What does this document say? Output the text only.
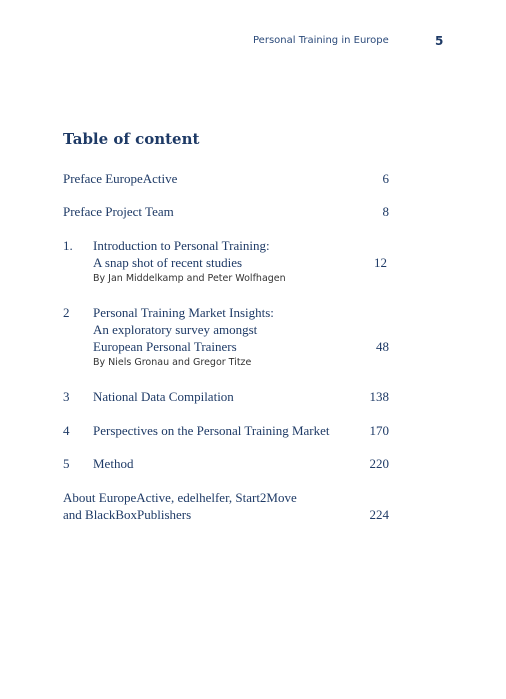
Personal Training in Europe	5
Table of content
Preface EuropeActive	6
Preface Project Team	8
1. Introduction to Personal Training:
A snap shot of recent studies	12
By Jan Middelkamp and Peter Wolfhagen
2 Personal Training Market Insights:
An exploratory survey amongst
European Personal Trainers	48
By Niels Gronau and Gregor Titze
3 National Data Compilation	138
4 Perspectives on the Personal Training Market	170
5 Method	220
About EuropeActive, edelhelfer, Start2Move
and BlackBoxPublishers	224
